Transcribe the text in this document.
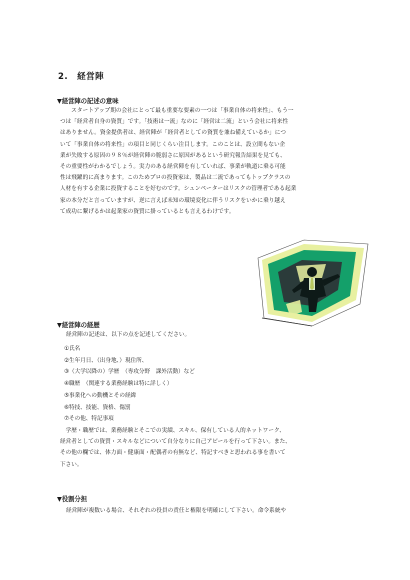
2.　経営陣
▼経営陣の記述の意味

　　スタートアップ期の会社にとって最も重要な要素の一つは「事業自体の将来性」、もう一

つは「経営者自身の資質」です。「技術は一流」なのに「経営は二流」という会社に将来性

はありません。資金提供者は、経営陣が「経営者としての資質を兼ね備えているか」につ

いて「事業自体の将来性」の項目と同じくらい注目します。このことは、設立間もない企

業が失敗する原因の９８％が経営陣の脆弱さに原因があるという研究報告結果を見ても、

その重要性がわかるでしょう。実力のある経営陣を有していれば、事業が軌道に乗る可能

性は飛躍的に高まります。このためプロの投資家は、製品は二流であってもトップクラスの

人材を有する企業に投資することを好むのです。シュンペーターはリスクの管理者である起業

家の本分だと言っていますが、逆に言えば未知の環境変化に伴うリスクをいかに乗り越え

て成功に繋げるかは起業家の資質に掛っているとも言えるわけです。

▼経営陣の経歴

経営陣の記述は、以下の点を記述してください。

①氏名
②生年月日、（出身地、）現住所、
③（大学以降の）学歴　（専攻分野　課外活動）など
④職歴　（関連する業務経験は特に詳しく）
⑤事業化への動機とその経緯
⑥特技、技能、資格、傷罰
⑦その他、特記事項

　学歴・職歴では、業務経験とそこでの実績、スキル、保有している人的ネットワーク、

経営者としての資質・スキルなどについて自分なりに自己アピールを行って下さい。また、

その他の欄では、体力面・健康面・配偶者の有無など、特記すべきと思われる事を書いて

下さい。

▼役割分担

経営陣が複数いる場合、それぞれの役員の責任と権限を明確にして下さい。命令系統や
